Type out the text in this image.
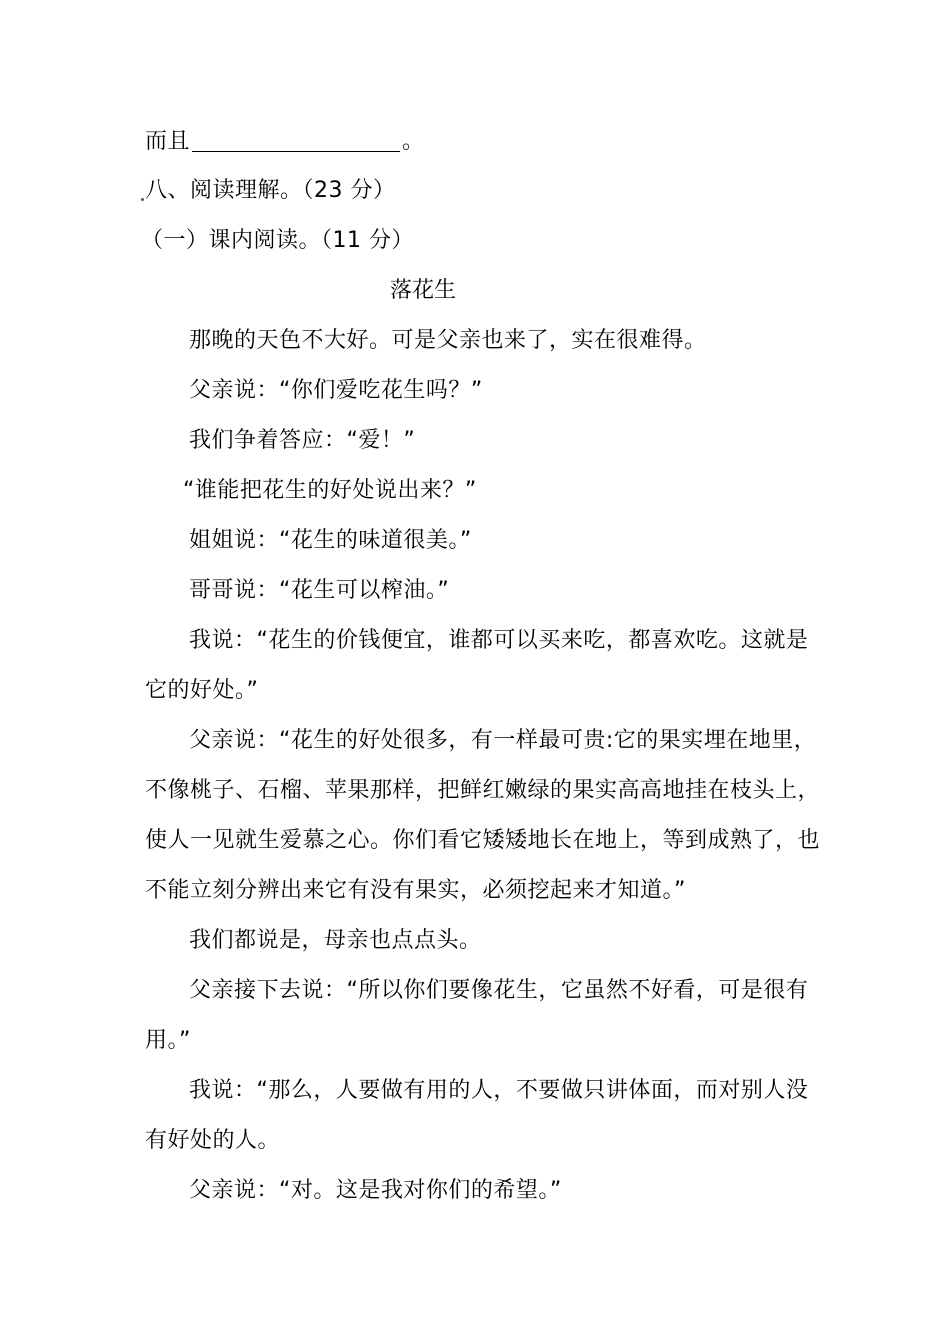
而且	。
八、阅读理解。（23 分）
（一）课内阅读。（11 分）
落花生
那晚的天色不大好。可是父亲也来了，实在很难得。
父亲说：“你们爱吃花生吗？”
我们争着答应：“爱！”
“谁能把花生的好处说出来？”
姐姐说：“花生的味道很美。”
哥哥说：“花生可以榨油。”
我说：“花生的价钱便宜，谁都可以买来吃，都喜欢吃。这就是
它的好处。”
父亲说：“花生的好处很多，有一样最可贵:它的果实埋在地里，
不像桃子、石榴、苹果那样，把鲜红嫩绿的果实高高地挂在枝头上，
使人一见就生爱慕之心。你们看它矮矮地长在地上，等到成熟了，也
不能立刻分辨出来它有没有果实，必须挖起来才知道。”
我们都说是，母亲也点点头。
父亲接下去说：“所以你们要像花生，它虽然不好看，可是很有
用。”
我说：“那么，人要做有用的人，不要做只讲体面，而对别人没
有好处的人。
父亲说：“对。这是我对你们的希望。”
